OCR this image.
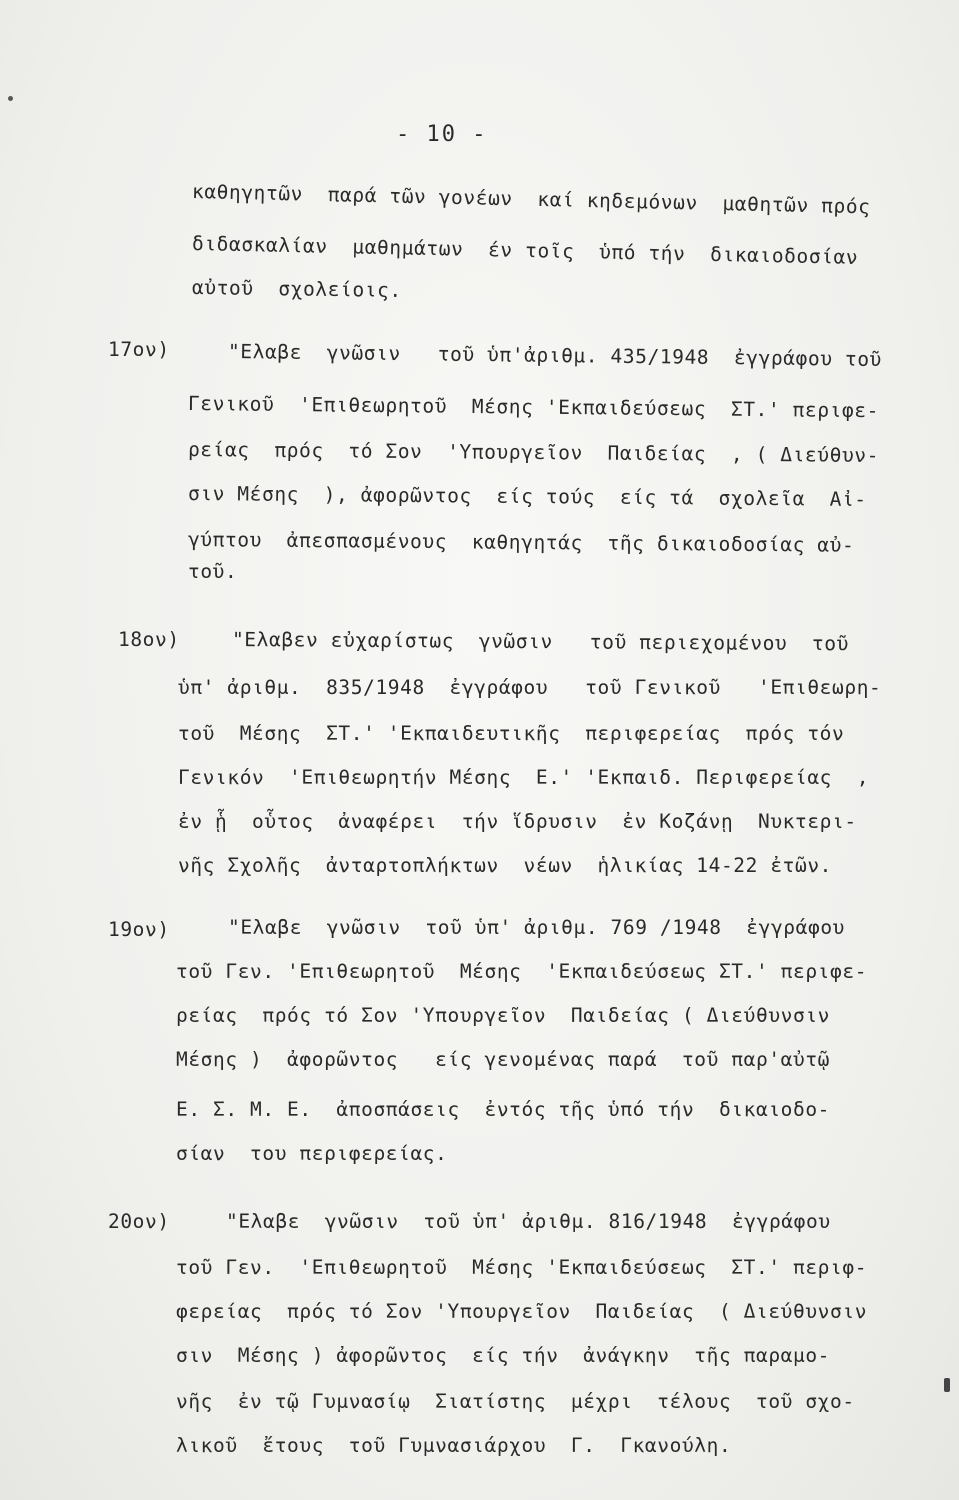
- 10 -
καθηγητῶν  παρά τῶν γονέων  καί κηδεμόνων  μαθητῶν πρός
διδασκαλίαν  μαθημάτων  έν τοῖς  ὑπό τήν  δικαιοδοσίαν
αὐτοῦ  σχολείοις.
17ον)	"Ελαβε  γνῶσιν   τοῦ ὑπ'ἀριθμ. 435/1948  ἐγγράφου τοῦ
Γενικοῦ  'Επιθεωρητοῦ  Μέσης 'Εκπαιδεύσεως  ΣΤ.' περιφε-
ρείας  πρός  τό Σον  'Υπουργεῖον  Παιδείας  , ( Διεύθυν-
σιν Μέσης  ), ἀφορῶντος  είς τούς  είς τά  σχολεῖα  Αἰ-
γύπτου  ἀπεσπασμένους  καθηγητάς  τῆς δικαιοδοσίας αὐ-
τοῦ.
18ον)	"Ελαβεν εὐχαρίστως  γνῶσιν   τοῦ περιεχομένου  τοῦ
ὑπ' ἀριθμ.  835/1948  ἐγγράφου   τοῦ Γενικοῦ   'Επιθεωρη-
τοῦ  Μέσης  ΣΤ.' 'Εκπαιδευτικῆς  περιφερείας  πρός τόν
Γενικόν  'Επιθεωρητήν Μέσης  Ε.' 'Εκπαιδ. Περιφερείας  ,
ἐν ᾗ  οὗτος  ἀναφέρει  τήν ἵδρυσιν  ἐν Κοζάνῃ  Νυκτερι-
νῆς Σχολῆς  ἀνταρτοπλήκτων  νέων  ἡλικίας 14-22 ἐτῶν.
19ον)	"Ελαβε  γνῶσιν  τοῦ ὑπ' ἀριθμ. 769 /1948  ἐγγράφου
τοῦ Γεν. 'Επιθεωρητοῦ  Μέσης  'Εκπαιδεύσεως ΣΤ.' περιφε-
ρείας  πρός τό Σον 'Υπουργεῖον  Παιδείας ( Διεύθυνσιν
Μέσης )  ἀφορῶντος   είς γενομένας παρά  τοῦ παρ'αὐτῷ
Ε. Σ. Μ. Ε.  ἀποσπάσεις  ἐντός τῆς ὑπό τήν  δικαιοδο-
σίαν  του περιφερείας.
20ον)	"Ελαβε  γνῶσιν  τοῦ ὑπ' ἀριθμ. 816/1948  ἐγγράφου
τοῦ Γεν.  'Επιθεωρητοῦ  Μέσης 'Εκπαιδεύσεως  ΣΤ.' περιφ-
φερείας  πρός τό Σον 'Υπουργεῖον  Παιδείας  ( Διεύθυνσιν
σιν  Μέσης ) ἀφορῶντος  είς τήν  ἀνάγκην  τῆς παραμο-
νῆς  ἐν τῷ Γυμνασίῳ  Σιατίστης  μέχρι  τέλους  τοῦ σχο-
λικοῦ  ἔτους  τοῦ Γυμνασιάρχου  Γ.  Γκανούλη.
